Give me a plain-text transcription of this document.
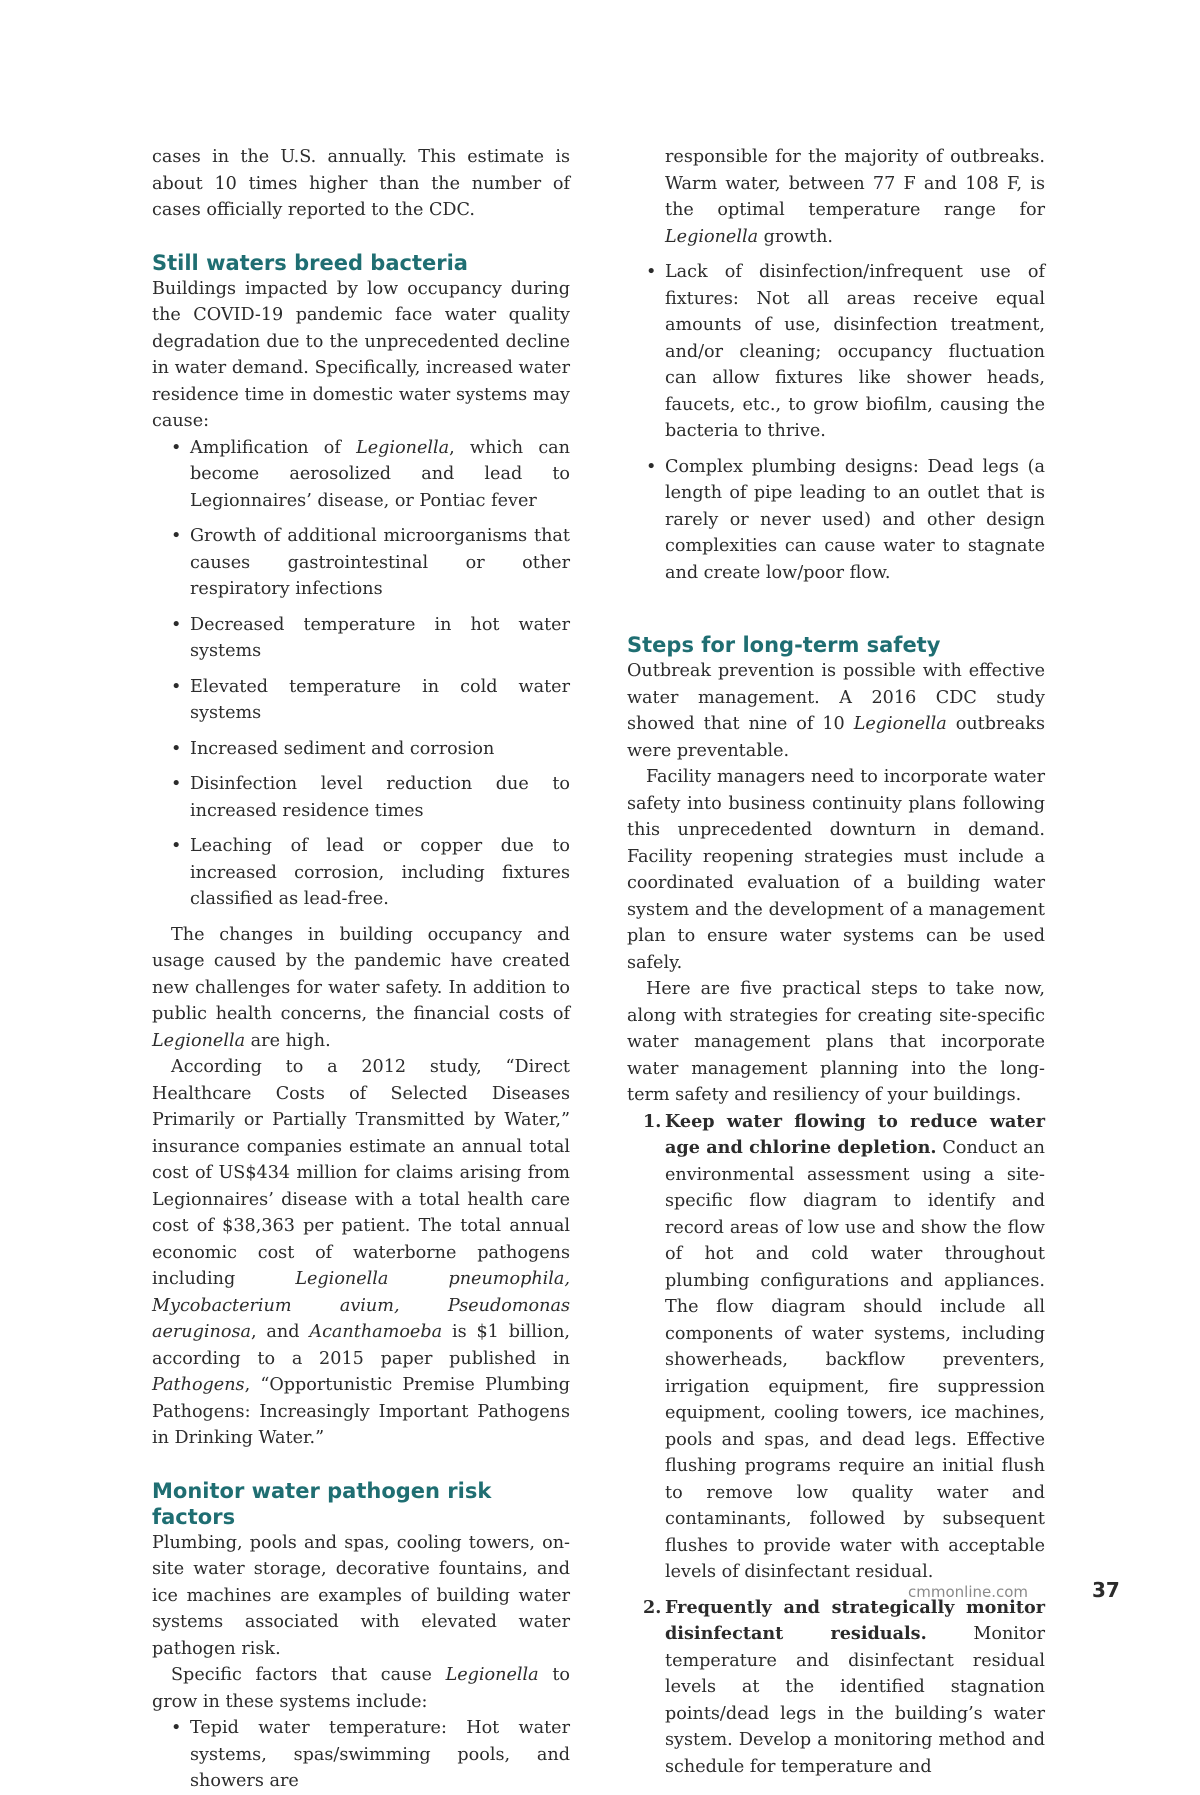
cases in the U.S. annually. This estimate is about 10 times higher than the number of cases officially reported to the CDC.

Still waters breed bacteria

Buildings impacted by low occupancy during the COVID-19 pandemic face water quality degradation due to the unprecedented decline in water demand. Specifically, increased water residence time in domestic water systems may cause:

• Amplification of Legionella, which can become aerosolized and lead to Legionnaires’ disease, or Pontiac fever
• Growth of additional microorganisms that causes gastrointestinal or other respiratory infections
• Decreased temperature in hot water systems
• Elevated temperature in cold water systems
• Increased sediment and corrosion
• Disinfection level reduction due to increased residence times
• Leaching of lead or copper due to increased corrosion, including fixtures classified as lead-free.

The changes in building occupancy and usage caused by the pandemic have created new challenges for water safety. In addition to public health concerns, the financial costs of Legionella are high.

According to a 2012 study, “Direct Healthcare Costs of Selected Diseases Primarily or Partially Transmitted by Water,” insurance companies estimate an annual total cost of US$434 million for claims arising from Legionnaires’ disease with a total health care cost of $38,363 per patient. The total annual economic cost of waterborne pathogens including Legionella pneumophila, Mycobacterium avium, Pseudomonas aeruginosa, and Acanthamoeba is $1 billion, according to a 2015 paper published in Pathogens, “Opportunistic Premise Plumbing Pathogens: Increasingly Important Pathogens in Drinking Water.”

Monitor water pathogen risk factors

Plumbing, pools and spas, cooling towers, on-site water storage, decorative fountains, and ice machines are examples of building water systems associated with elevated water pathogen risk.

Specific factors that cause Legionella to grow in these systems include:

• Tepid water temperature: Hot water systems, spas/swimming pools, and showers are
responsible for the majority of outbreaks. Warm water, between 77 F and 108 F, is the optimal temperature range for Legionella growth.
• Lack of disinfection/infrequent use of fixtures: Not all areas receive equal amounts of use, disinfection treatment, and/or cleaning; occupancy fluctuation can allow fixtures like shower heads, faucets, etc., to grow biofilm, causing the bacteria to thrive.
• Complex plumbing designs: Dead legs (a length of pipe leading to an outlet that is rarely or never used) and other design complexities can cause water to stagnate and create low/poor flow.
Steps for long-term safety

Outbreak prevention is possible with effective water management. A 2016 CDC study showed that nine of 10 Legionella outbreaks were preventable.

Facility managers need to incorporate water safety into business continuity plans following this unprecedented downturn in demand. Facility reopening strategies must include a coordinated evaluation of a building water system and the development of a management plan to ensure water systems can be used safely.

Here are five practical steps to take now, along with strategies for creating site-specific water management plans that incorporate water management planning into the long-term safety and resiliency of your buildings.

1. Keep water flowing to reduce water age and chlorine depletion. Conduct an environmental assessment using a site-specific flow diagram to identify and record areas of low use and show the flow of hot and cold water throughout plumbing configurations and appliances. The flow diagram should include all components of water systems, including showerheads, backflow preventers, irrigation equipment, fire suppression equipment, cooling towers, ice machines, pools and spas, and dead legs. Effective flushing programs require an initial flush to remove low quality water and contaminants, followed by subsequent flushes to provide water with acceptable levels of disinfectant residual.
2. Frequently and strategically monitor disinfectant residuals. Monitor temperature and disinfectant residual levels at the identified stagnation points/dead legs in the building’s water system. Develop a monitoring method and schedule for temperature and
cmmonline.com	37
